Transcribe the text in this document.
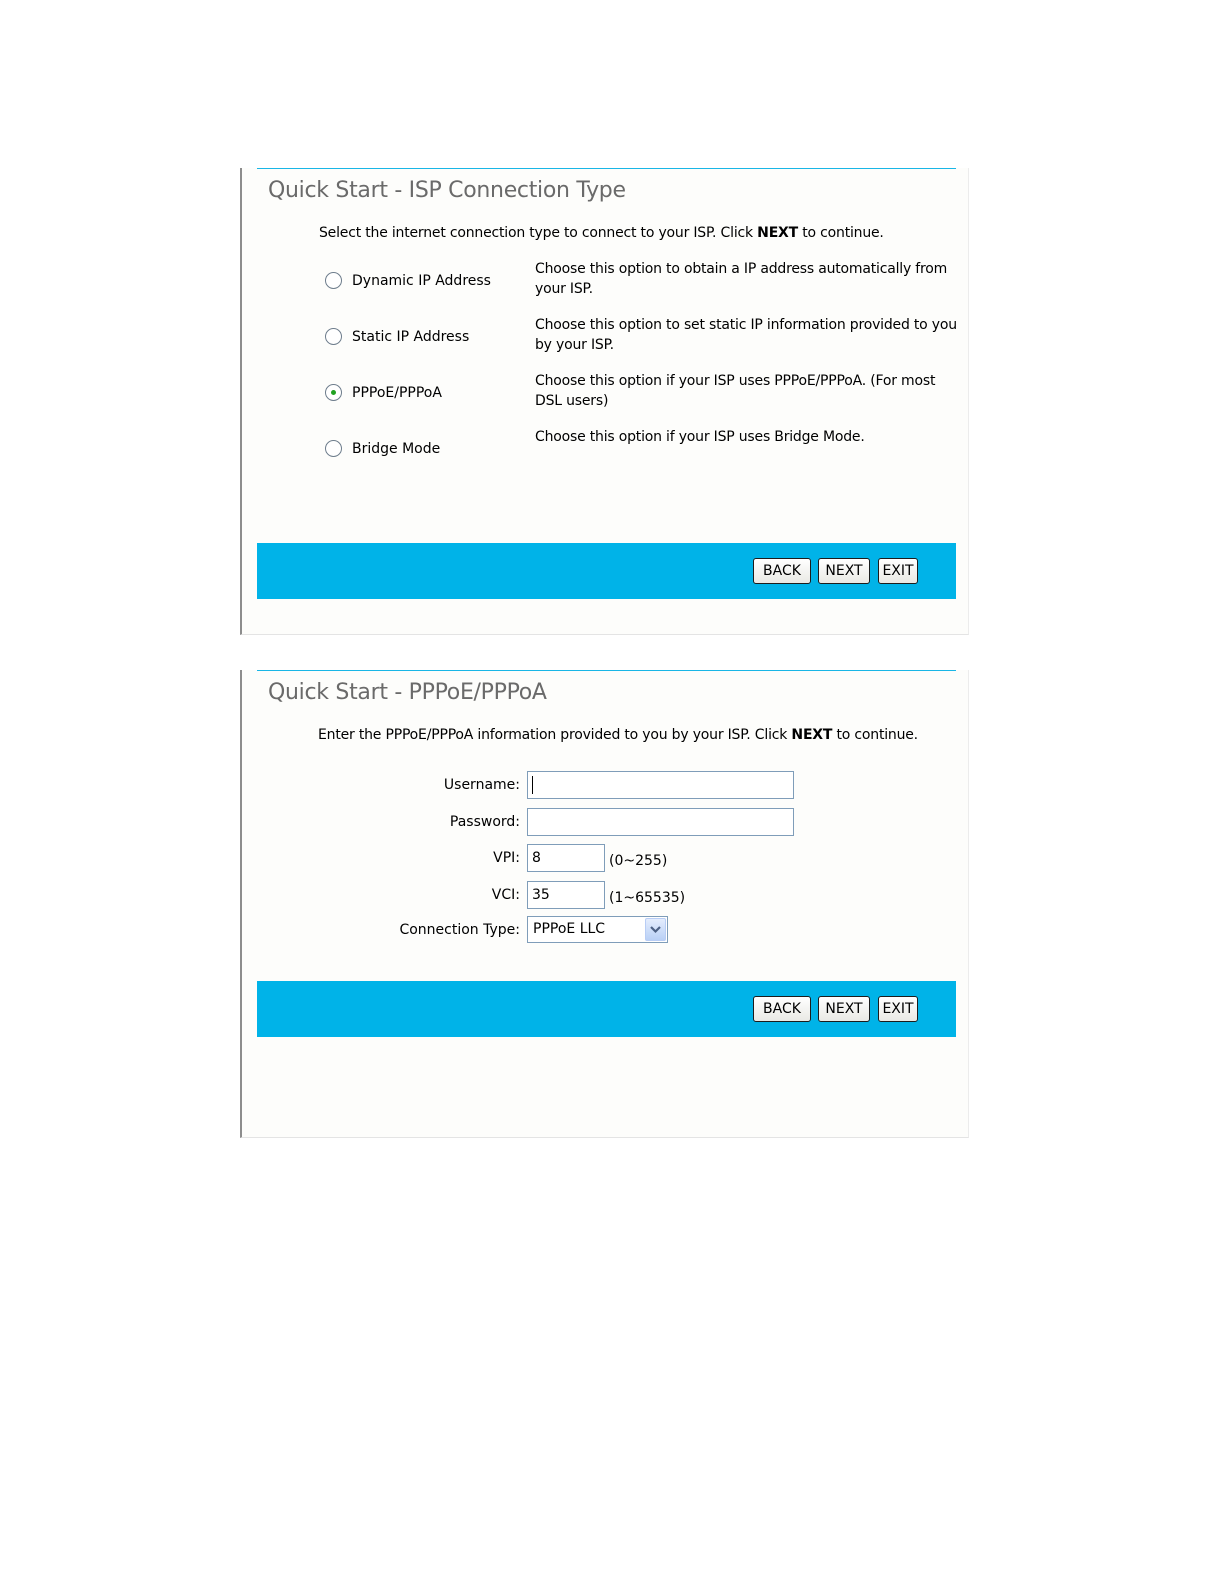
Quick Start - ISP Connection Type
Select the internet connection type to connect to your ISP. Click NEXT to continue.
Dynamic IP Address
Choose this option to obtain a IP address automatically from your ISP.
Static IP Address
Choose this option to set static IP information provided to you by your ISP.
PPPoE/PPPoA
Choose this option if your ISP uses PPPoE/PPPoA. (For most DSL users)
Bridge Mode
Choose this option if your ISP uses Bridge Mode.
BACK	NEXT	EXIT
Quick Start - PPPoE/PPPoA
Enter the PPPoE/PPPoA information provided to you by your ISP. Click NEXT to continue.
Username:
Password:
VPI:
8	(0~255)
VCI:
35	(1~65535)
Connection Type: PPPoE LLC
BACK	NEXT	EXIT
